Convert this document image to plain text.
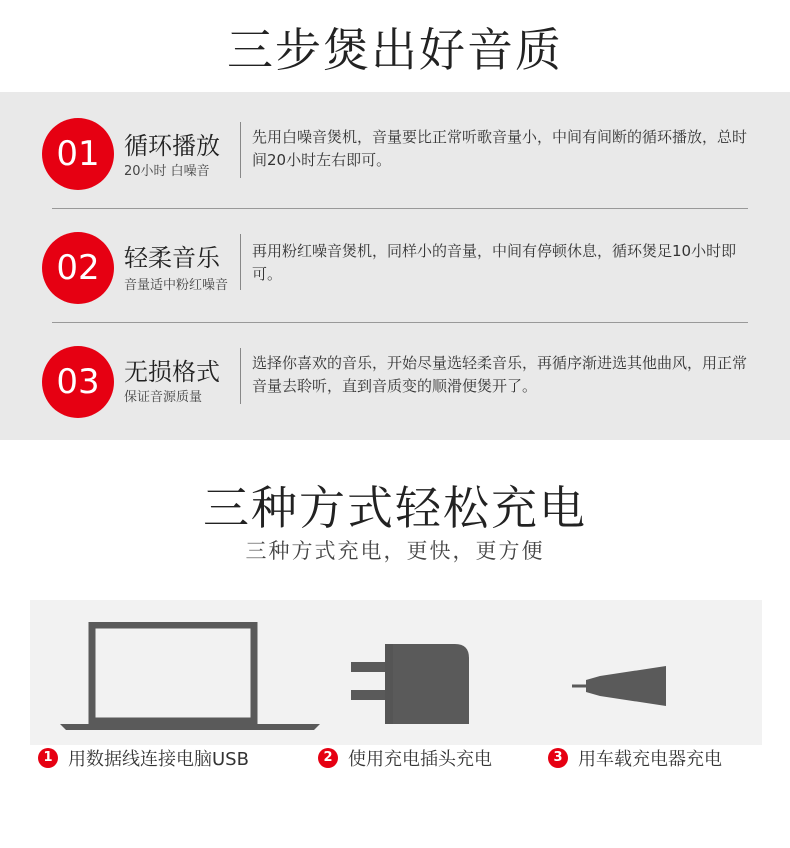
三步煲出好音质
01	循环播放
20小时 白噪音
先用白噪音煲机，音量要比正常听歌音量小，中间有间断的循环播放，总时间20小时左右即可。
02	轻柔音乐
音量适中粉红噪音
再用粉红噪音煲机，同样小的音量，中间有停顿休息，循环煲足10小时即可。
03	无损格式
保证音源质量
选择你喜欢的音乐，开始尽量选轻柔音乐，再循序渐进选其他曲风，用正常音量去聆听，直到音质变的顺滑便煲开了。
三种方式轻松充电
三种方式充电，更快，更方便
1 用数据线连接电脑USB	2 使用充电插头充电	3 用车载充电器充电
